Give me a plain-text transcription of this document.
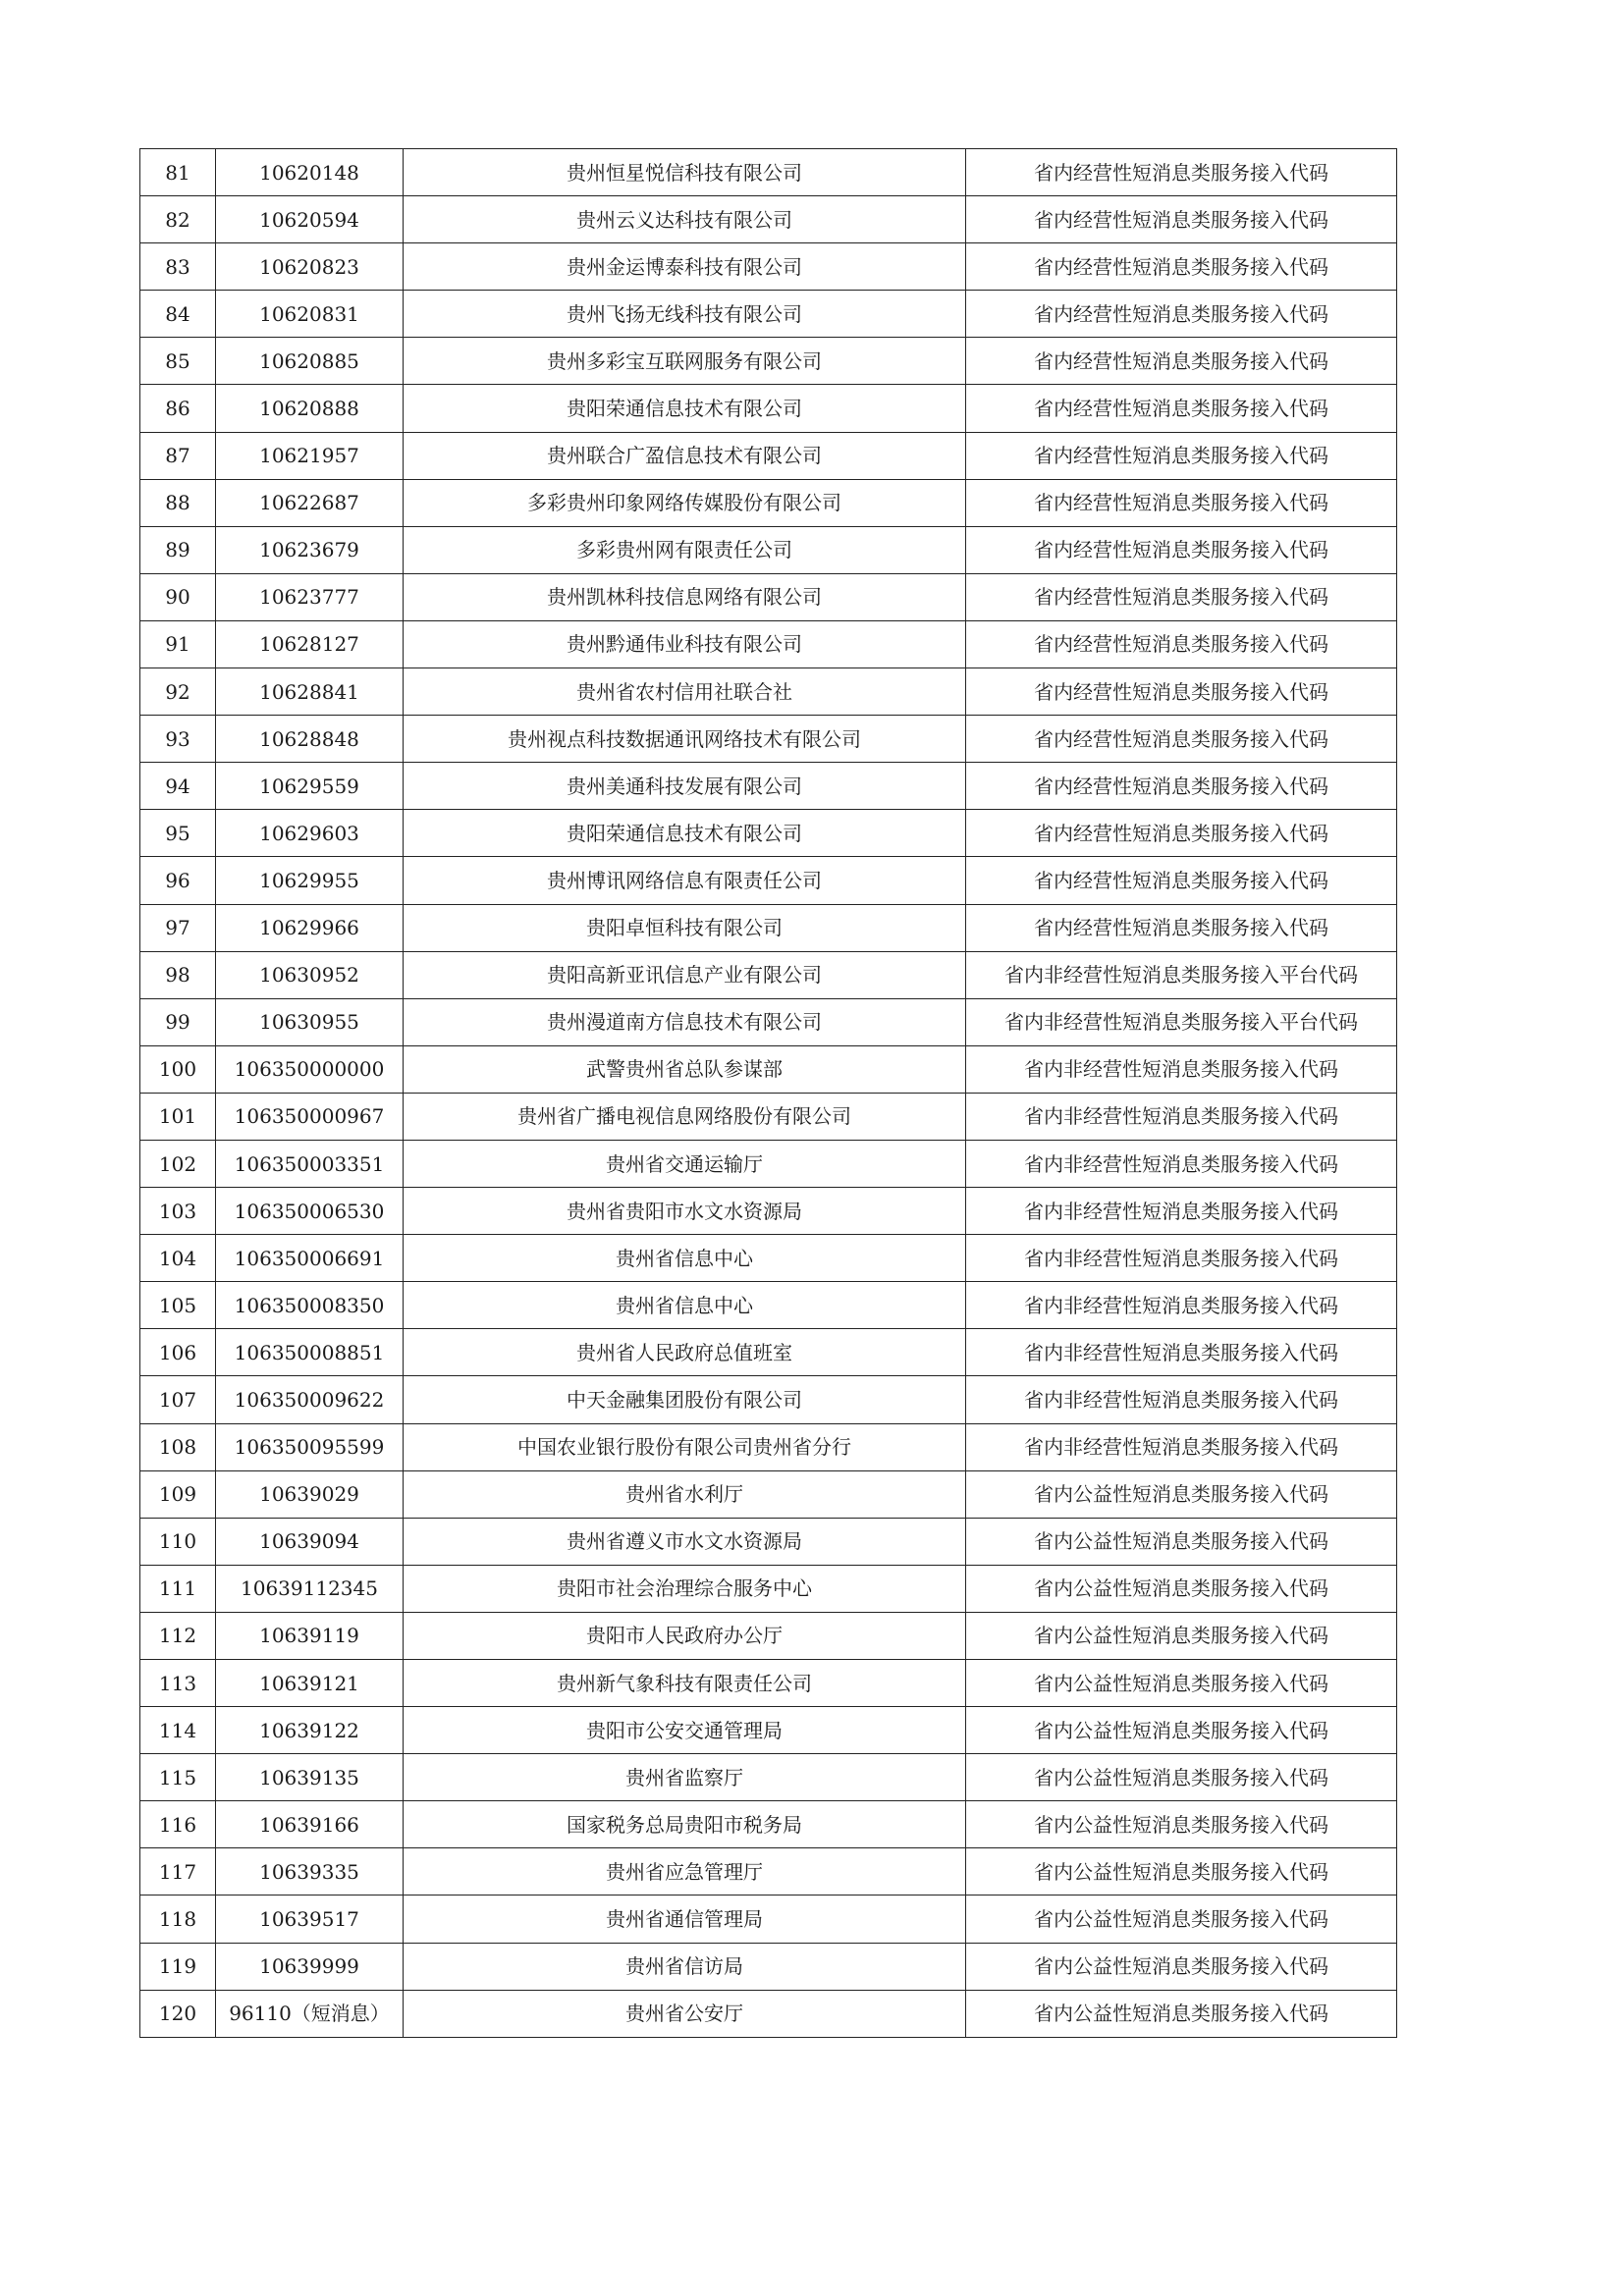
81	10620148	贵州恒星悦信科技有限公司	省内经营性短消息类服务接入代码
82	10620594	贵州云义达科技有限公司	省内经营性短消息类服务接入代码
83	10620823	贵州金运博泰科技有限公司	省内经营性短消息类服务接入代码
84	10620831	贵州飞扬无线科技有限公司	省内经营性短消息类服务接入代码
85	10620885	贵州多彩宝互联网服务有限公司	省内经营性短消息类服务接入代码
86	10620888	贵阳荣通信息技术有限公司	省内经营性短消息类服务接入代码
87	10621957	贵州联合广盈信息技术有限公司	省内经营性短消息类服务接入代码
88	10622687	多彩贵州印象网络传媒股份有限公司	省内经营性短消息类服务接入代码
89	10623679	多彩贵州网有限责任公司	省内经营性短消息类服务接入代码
90	10623777	贵州凯林科技信息网络有限公司	省内经营性短消息类服务接入代码
91	10628127	贵州黔通伟业科技有限公司	省内经营性短消息类服务接入代码
92	10628841	贵州省农村信用社联合社	省内经营性短消息类服务接入代码
93	10628848	贵州视点科技数据通讯网络技术有限公司	省内经营性短消息类服务接入代码
94	10629559	贵州美通科技发展有限公司	省内经营性短消息类服务接入代码
95	10629603	贵阳荣通信息技术有限公司	省内经营性短消息类服务接入代码
96	10629955	贵州博讯网络信息有限责任公司	省内经营性短消息类服务接入代码
97	10629966	贵阳卓恒科技有限公司	省内经营性短消息类服务接入代码
98	10630952	贵阳高新亚讯信息产业有限公司	省内非经营性短消息类服务接入平台代码
99	10630955	贵州漫道南方信息技术有限公司	省内非经营性短消息类服务接入平台代码
100	106350000000	武警贵州省总队参谋部	省内非经营性短消息类服务接入代码
101	106350000967	贵州省广播电视信息网络股份有限公司	省内非经营性短消息类服务接入代码
102	106350003351	贵州省交通运输厅	省内非经营性短消息类服务接入代码
103	106350006530	贵州省贵阳市水文水资源局	省内非经营性短消息类服务接入代码
104	106350006691	贵州省信息中心	省内非经营性短消息类服务接入代码
105	106350008350	贵州省信息中心	省内非经营性短消息类服务接入代码
106	106350008851	贵州省人民政府总值班室	省内非经营性短消息类服务接入代码
107	106350009622	中天金融集团股份有限公司	省内非经营性短消息类服务接入代码
108	106350095599	中国农业银行股份有限公司贵州省分行	省内非经营性短消息类服务接入代码
109	10639029	贵州省水利厅	省内公益性短消息类服务接入代码
110	10639094	贵州省遵义市水文水资源局	省内公益性短消息类服务接入代码
111	10639112345	贵阳市社会治理综合服务中心	省内公益性短消息类服务接入代码
112	10639119	贵阳市人民政府办公厅	省内公益性短消息类服务接入代码
113	10639121	贵州新气象科技有限责任公司	省内公益性短消息类服务接入代码
114	10639122	贵阳市公安交通管理局	省内公益性短消息类服务接入代码
115	10639135	贵州省监察厅	省内公益性短消息类服务接入代码
116	10639166	国家税务总局贵阳市税务局	省内公益性短消息类服务接入代码
117	10639335	贵州省应急管理厅	省内公益性短消息类服务接入代码
118	10639517	贵州省通信管理局	省内公益性短消息类服务接入代码
119	10639999	贵州省信访局	省内公益性短消息类服务接入代码
120	96110（短消息）	贵州省公安厅	省内公益性短消息类服务接入代码
